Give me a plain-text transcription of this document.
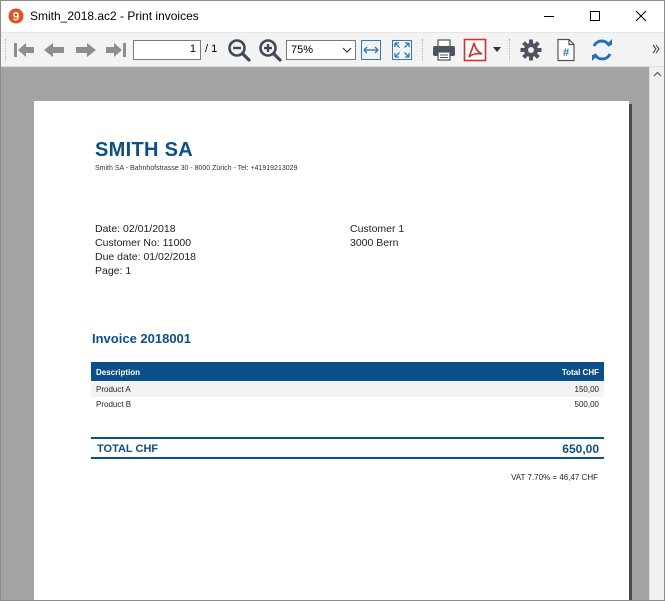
9 Smith_2018.ac2 - Print invoices
1 / 1	75%	#
SMITH SA
Smith SA - Bahnhofstrasse 30 - 8000 Zürich - Tel: +41919213029
Date: 02/01/2018
Customer No: 11000
Due date: 01/02/2018
Page: 1
Customer 1
3000 Bern
Invoice 2018001
Description	Total CHF
Product A	150,00
Product B	500,00
TOTAL CHF	650,00
VAT 7.70% = 46,47 CHF
